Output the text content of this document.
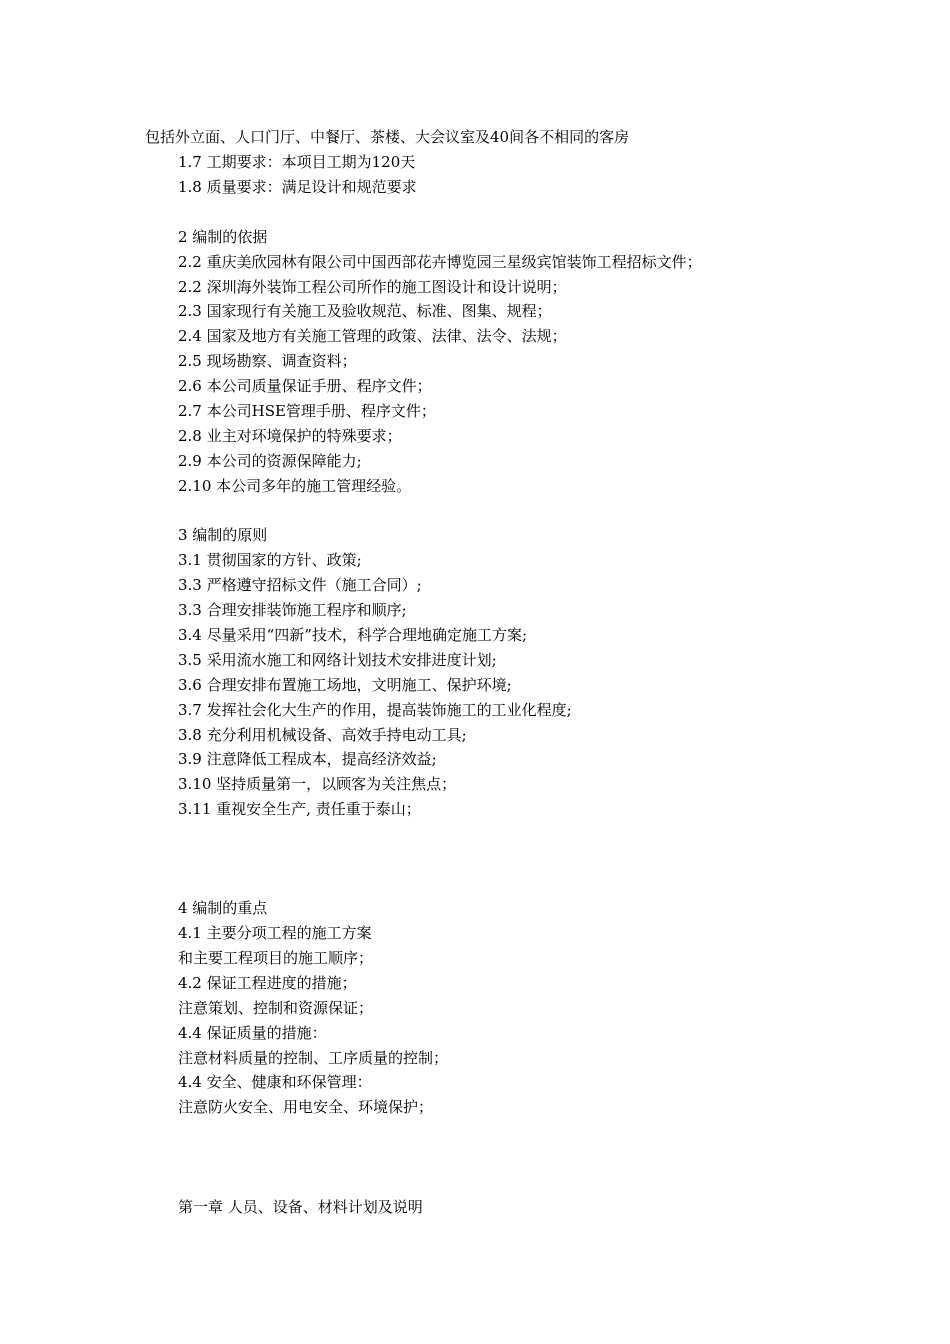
包括外立面、人口门厅、中餐厅、茶楼、大会议室及40间各不相同的客房
1.7 工期要求：本项目工期为120天
1.8 质量要求：满足设计和规范要求
2 编制的依据
2.2 重庆美欣园林有限公司中国西部花卉博览园三星级宾馆装饰工程招标文件；
2.2 深圳海外装饰工程公司所作的施工图设计和设计说明；
2.3 国家现行有关施工及验收规范、标准、图集、规程；
2.4 国家及地方有关施工管理的政策、法律、法令、法规；
2.5 现场勘察、调查资料；
2.6 本公司质量保证手册、程序文件；
2.7 本公司HSE管理手册、程序文件；
2.8 业主对环境保护的特殊要求；
2.9 本公司的资源保障能力;
2.10 本公司多年的施工管理经验。
3 编制的原则
3.1 贯彻国家的方针、政策;
3.3 严格遵守招标文件（施工合同）;
3.3 合理安排装饰施工程序和顺序;
3.4 尽量采用“四新”技术，科学合理地确定施工方案;
3.5 采用流水施工和网络计划技术安排进度计划;
3.6 合理安排布置施工场地，文明施工、保护环境;
3.7 发挥社会化大生产的作用，提高装饰施工的工业化程度;
3.8 充分利用机械设备、高效手持电动工具;
3.9 注意降低工程成本，提高经济效益;
3.10 坚持质量第一，以顾客为关注焦点；
3.11 重视安全生产, 责任重于泰山；
4 编制的重点
4.1 主要分项工程的施工方案
和主要工程项目的施工顺序；
4.2 保证工程进度的措施；
注意策划、控制和资源保证；
4.4 保证质量的措施：
注意材料质量的控制、工序质量的控制；
4.4 安全、健康和环保管理：
注意防火安全、用电安全、环境保护；
第一章 人员、设备、材料计划及说明
